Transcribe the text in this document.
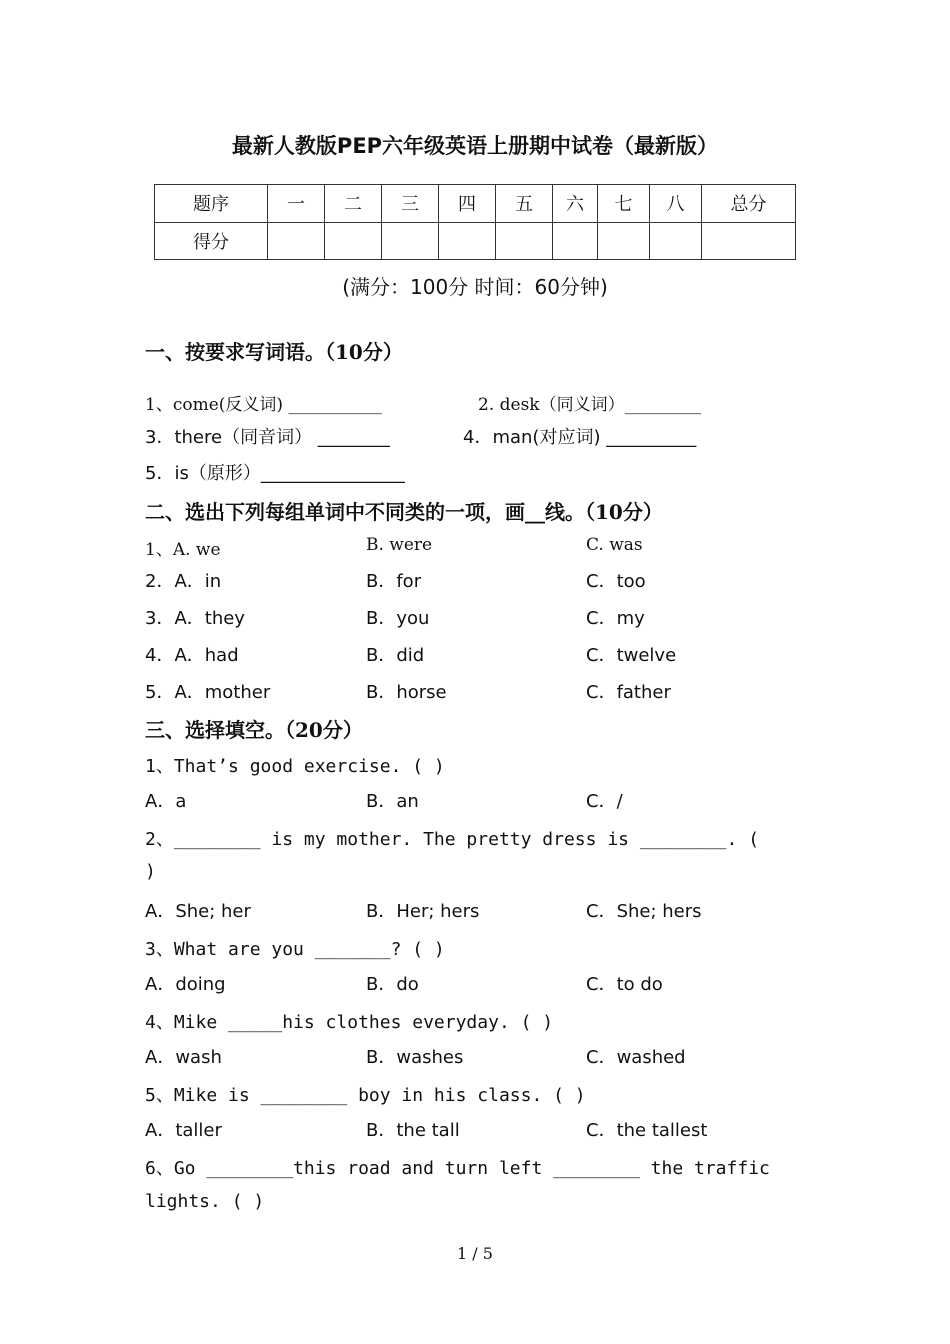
最新人教版PEP六年级英语上册期中试卷（最新版）
题序	一	二	三	四	五	六	七	八	总分
得分									
(满分：100分 时间：60分钟)
一、按要求写词语。（10分）
1、come(反义词) ___________	2. desk（同义词）_________
3．there（同音词） ________	4．man(对应词) __________
5．is（原形）________________
二、选出下列每组单词中不同类的一项，画__线。（10分）
1、A. we	B. were	C. was
2．A．in	B．for	C．too
3．A．they	B．you	C．my
4．A．had	B．did	C．twelve
5．A．mother	B．horse	C．father
三、选择填空。（20分）
1、That’s good exercise. ( )
A．a	B．an	C．/
2、________ is my mother. The pretty dress is ________. (
)
A．She; her	B．Her; hers	C．She; hers
3、What are you _______? ( )
A．doing	B．do	C．to do
4、Mike _____his clothes everyday. ( )
A．wash	B．washes	C．washed
5、Mike is ________ boy in his class. ( )
A．taller	B．the tall	C．the tallest
6、Go ________this road and turn left ________ the traffic
lights. ( )
1 / 5
